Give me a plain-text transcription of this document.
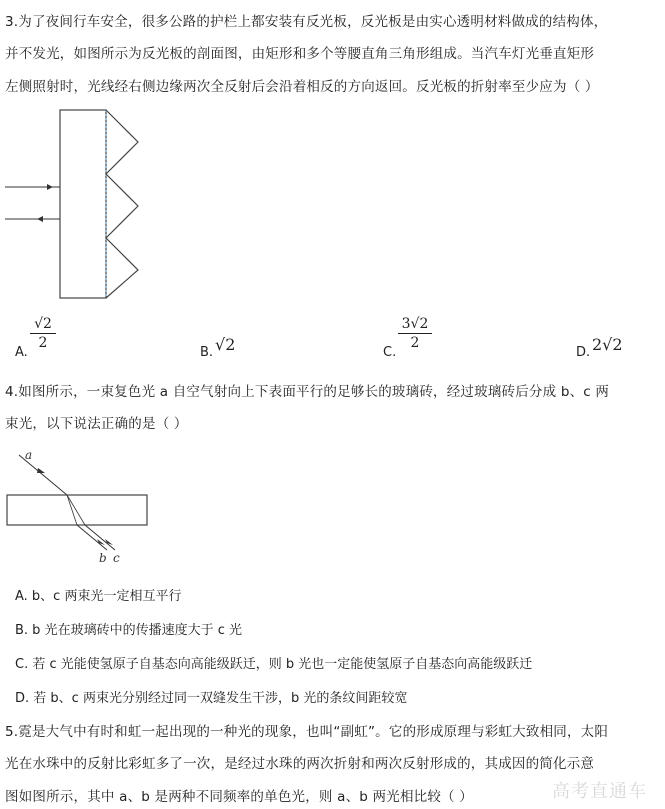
3.为了夜间行车安全，很多公路的护栏上都安装有反光板，反光板是由实心透明材料做成的结构体，
并不发光，如图所示为反光板的剖面图，由矩形和多个等腰直角三角形组成。当汽车灯光垂直矩形
左侧照射时，光线经右侧边缘两次全反射后会沿着相反的方向返回。反光板的折射率至少应为（ ）
A.
√2
2
B. √2	C.
3√2
2
D. 2√2
4.如图所示，一束复色光 a 自空气射向上下表面平行的足够长的玻璃砖，经过玻璃砖后分成 b、c 两
束光，以下说法正确的是（ ）
a
b c
A. b、c 两束光一定相互平行
B. b 光在玻璃砖中的传播速度大于 c 光
C. 若 c 光能使氢原子自基态向高能级跃迁，则 b 光也一定能使氢原子自基态向高能级跃迁
D. 若 b、c 两束光分别经过同一双缝发生干涉，b 光的条纹间距较宽
5.霓是大气中有时和虹一起出现的一种光的现象，也叫“副虹”。它的形成原理与彩虹大致相同，太阳
光在水珠中的反射比彩虹多了一次，是经过水珠的两次折射和两次反射形成的，其成因的简化示意
图如图所示，其中 a、b 是两种不同频率的单色光，则 a、b 两光相比较（ ）	高考直通车
